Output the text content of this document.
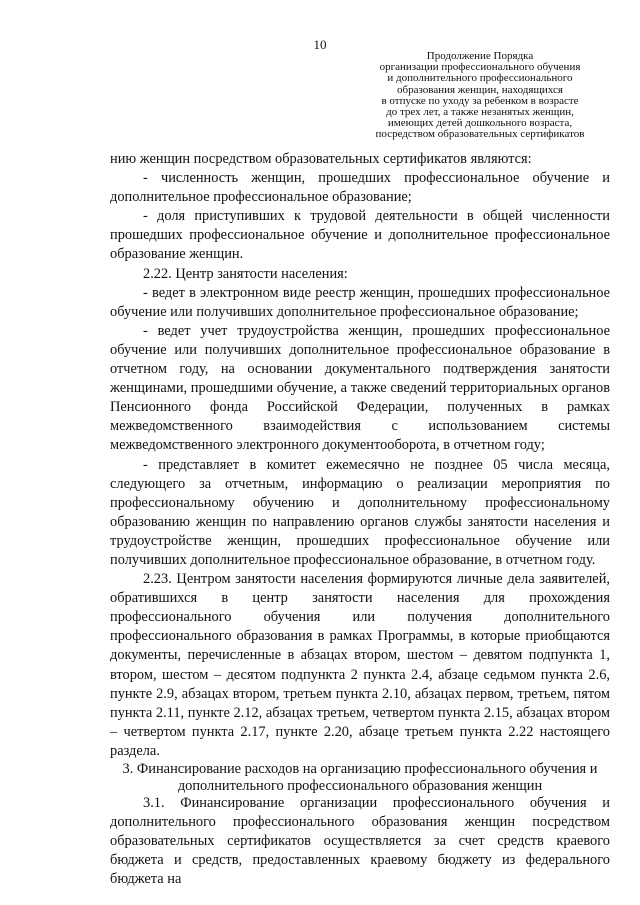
10
Продолжение Порядка
организации профессионального обучения
и дополнительного профессионального
образования женщин, находящихся
в отпуске по уходу за ребенком в возрасте
до трех лет, а также незанятых женщин,
имеющих детей дошкольного возраста,
посредством образовательных сертификатов

нию женщин посредством образовательных сертификатов являются:

- численность женщин, прошедших профессиональное обучение и дополнительное профессиональное образование;

- доля приступивших к трудовой деятельности в общей численности прошедших профессиональное обучение и дополнительное профессиональное образование женщин.

2.22. Центр занятости населения:

- ведет в электронном виде реестр женщин, прошедших профессиональное обучение или получивших дополнительное профессиональное образование;

- ведет учет трудоустройства женщин, прошедших профессиональное обучение или получивших дополнительное профессиональное образование в отчетном году, на основании документального подтверждения занятости женщинами, прошедшими обучение, а также сведений территориальных органов Пенсионного фонда Российской Федерации, полученных в рамках межведомственного взаимодействия с использованием системы межведомственного электронного документооборота, в отчетном году;

- представляет в комитет ежемесячно не позднее 05 числа месяца, следующего за отчетным, информацию о реализации мероприятия по профессиональному обучению и дополнительному профессиональному образованию женщин по направлению органов службы занятости населения и трудоустройстве женщин, прошедших профессиональное обучение или получивших дополнительное профессиональное образование, в отчетном году.

2.23. Центром занятости населения формируются личные дела заявителей, обратившихся в центр занятости населения для прохождения профессионального обучения или получения дополнительного профессионального образования в рамках Программы, в которые приобщаются документы, перечисленные в абзацах втором, шестом – девятом подпункта 1, втором, шестом – десятом подпункта 2 пункта 2.4, абзаце седьмом пункта 2.6, пункте 2.9, абзацах втором, третьем пункта 2.10, абзацах первом, третьем, пятом пункта 2.11, пункте 2.12, абзацах третьем, четвертом пункта 2.15, абзацах втором – четвертом пункта 2.17, пункте 2.20, абзаце третьем пункта 2.22 настоящего раздела.

3. Финансирование расходов на организацию профессионального обучения и дополнительного профессионального образования женщин

3.1. Финансирование организации профессионального обучения и дополнительного профессионального образования женщин посредством образовательных сертификатов осуществляется за счет средств краевого бюджета и средств, предоставленных краевому бюджету из федерального бюджета на
